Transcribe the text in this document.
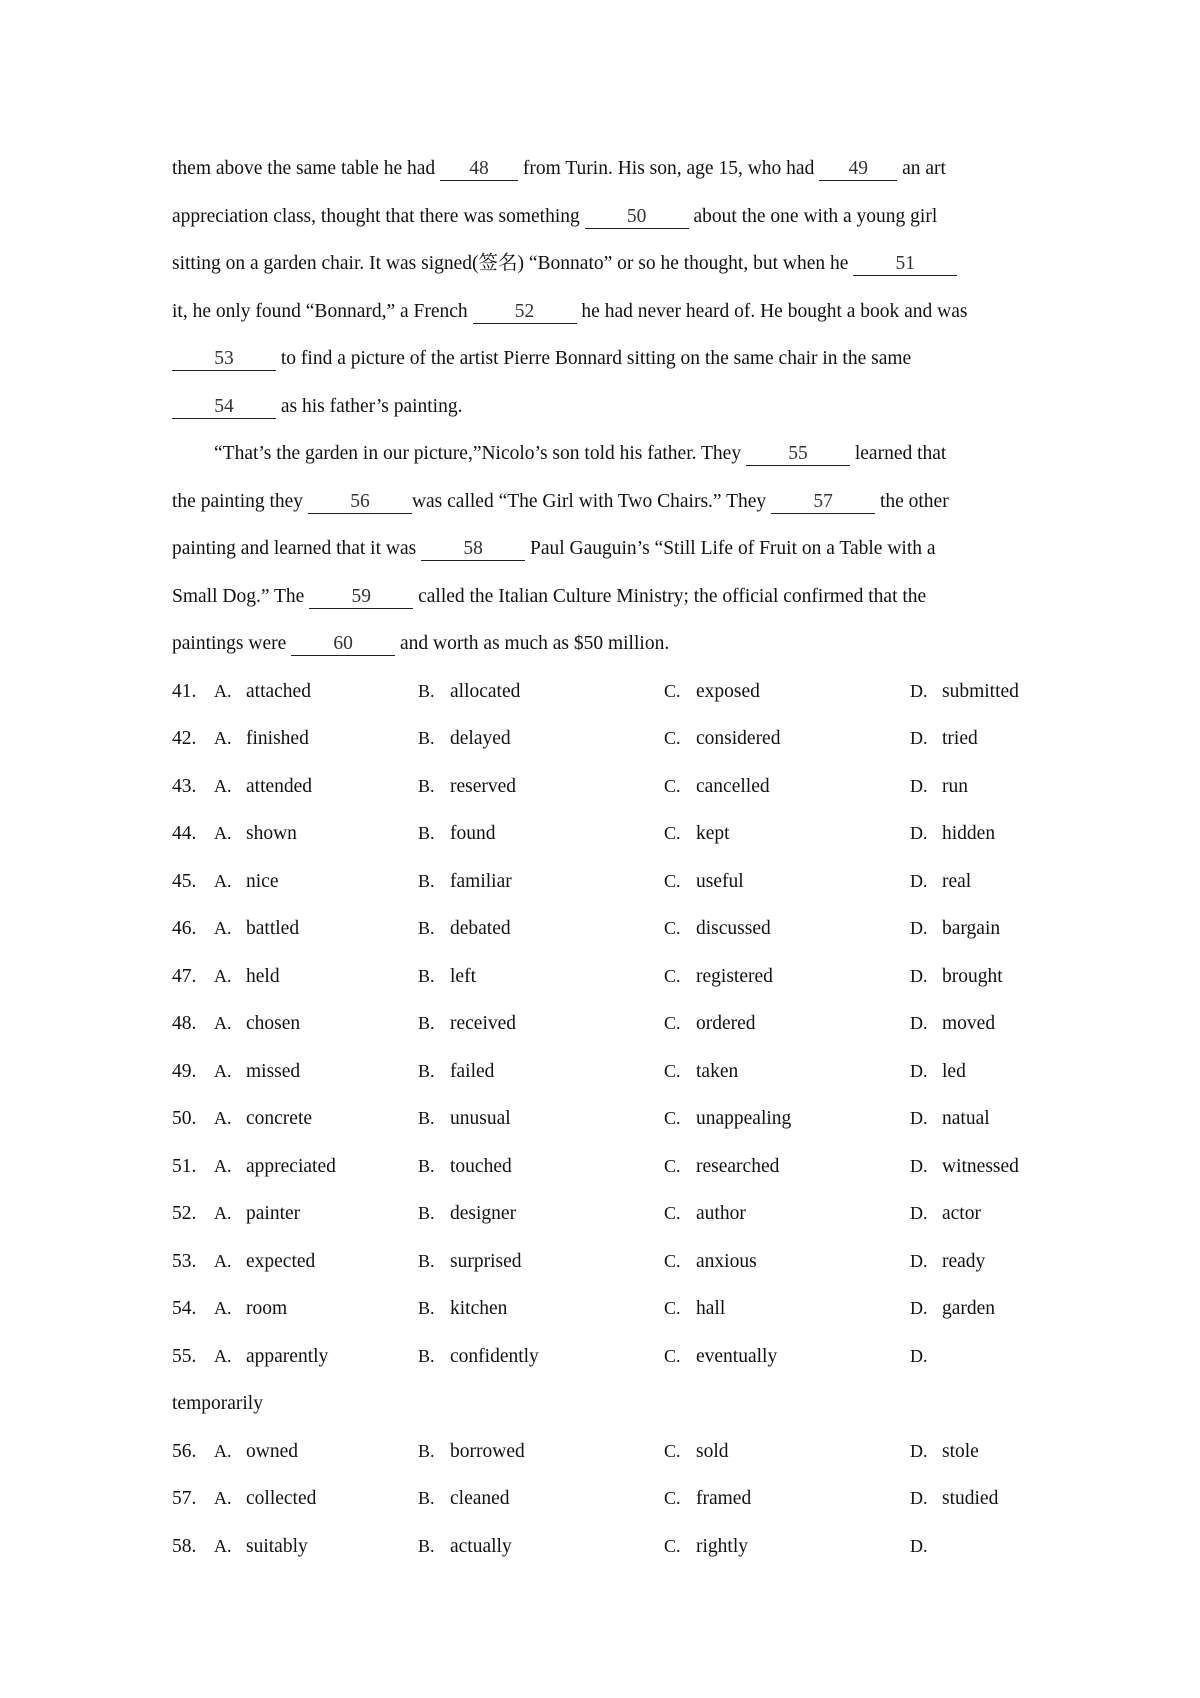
them above the same table he had 48 from Turin. His son, age 15, who had 49 an art
appreciation class, thought that there was something 50 about the one with a young girl
sitting on a garden chair. It was signed(签名) “Bonnato” or so he thought, but when he 51
it, he only found “Bonnard,” a French 52 he had never heard of. He bought a book and was
53 to find a picture of the artist Pierre Bonnard sitting on the same chair in the same
54 as his father’s painting.
“That’s the garden in our picture,”Nicolo’s son told his father. They 55 learned that
the painting they 56 was called “The Girl with Two Chairs.” They 57 the other
painting and learned that it was 58 Paul Gauguin’s “Still Life of Fruit on a Table with a
Small Dog.” The 59 called the Italian Culture Ministry; the official confirmed that the
paintings were 60 and worth as much as $50 million.
41. A. attached	B. allocated	C. exposed	D. submitted
42. A. finished	B. delayed	C. considered	D. tried
43. A. attended	B. reserved	C. cancelled	D. run
44. A. shown	B. found	C. kept	D. hidden
45. A. nice	B. familiar	C. useful	D. real
46. A. battled	B. debated	C. discussed	D. bargain
47. A. held	B. left	C. registered	D. brought
48. A. chosen	B. received	C. ordered	D. moved
49. A. missed	B. failed	C. taken	D. led
50. A. concrete	B. unusual	C. unappealing	D. natual
51. A. appreciated	B. touched	C. researched	D. witnessed
52. A. painter	B. designer	C. author	D. actor
53. A. expected	B. surprised	C. anxious	D. ready
54. A. room	B. kitchen	C. hall	D. garden
55. A. apparently	B. confidently	C. eventually	D.
temporarily
56. A. owned	B. borrowed	C. sold	D. stole
57. A. collected	B. cleaned	C. framed	D. studied
58. A. suitably	B. actually	C. rightly	D.
